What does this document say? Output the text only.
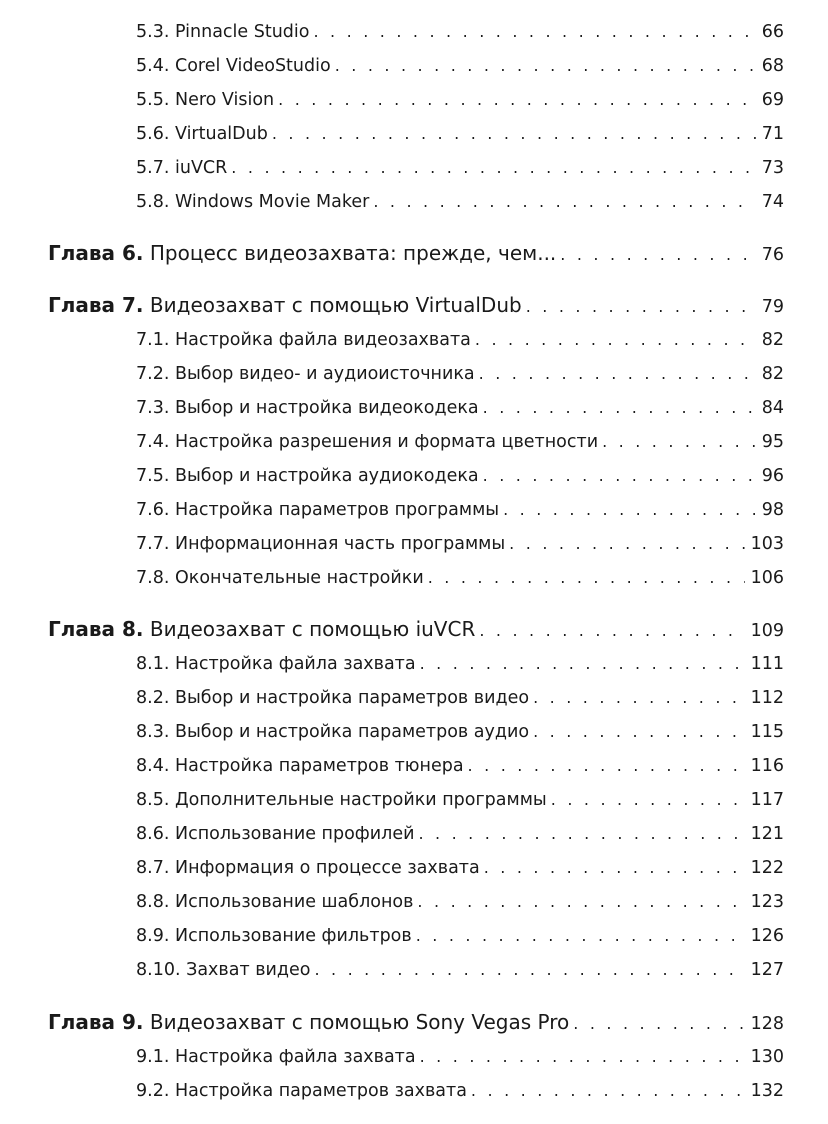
5.3. Pinnacle Studio . . .	66
5.4. Corel VideoStudio . . .	68
5.5. Nero Vision . . .	69
5.6. VirtualDub . . .	71
5.7. iuVCR . . .	73
5.8. Windows Movie Maker . . .	74
Глава 6. Процесс видеозахвата: прежде, чем... . . .	76
Глава 7. Видеозахват с помощью VirtualDub . . .	79
7.1. Настройка файла видеозахвата . . .	82
7.2. Выбор видео- и аудиоисточника . . .	82
7.3. Выбор и настройка видеокодека . . .	84
7.4. Настройка разрешения и формата цветности . . .	95
7.5. Выбор и настройка аудиокодека . . .	96
7.6. Настройка параметров программы . . .	98
7.7. Информационная часть программы . . .	103
7.8. Окончательные настройки . . .	106
Глава 8. Видеозахват с помощью iuVCR . . .	109
8.1. Настройка файла захвата . . .	111
8.2. Выбор и настройка параметров видео . . .	112
8.3. Выбор и настройка параметров аудио . . .	115
8.4. Настройка параметров тюнера . . .	116
8.5. Дополнительные настройки программы . . .	117
8.6. Использование профилей . . .	121
8.7. Информация о процессе захвата . . .	122
8.8. Использование шаблонов . . .	123
8.9. Использование фильтров . . .	126
8.10. Захват видео . . .	127
Глава 9. Видеозахват с помощью Sony Vegas Pro . . .	128
9.1. Настройка файла захвата . . .	130
9.2. Настройка параметров захвата . . .	132
